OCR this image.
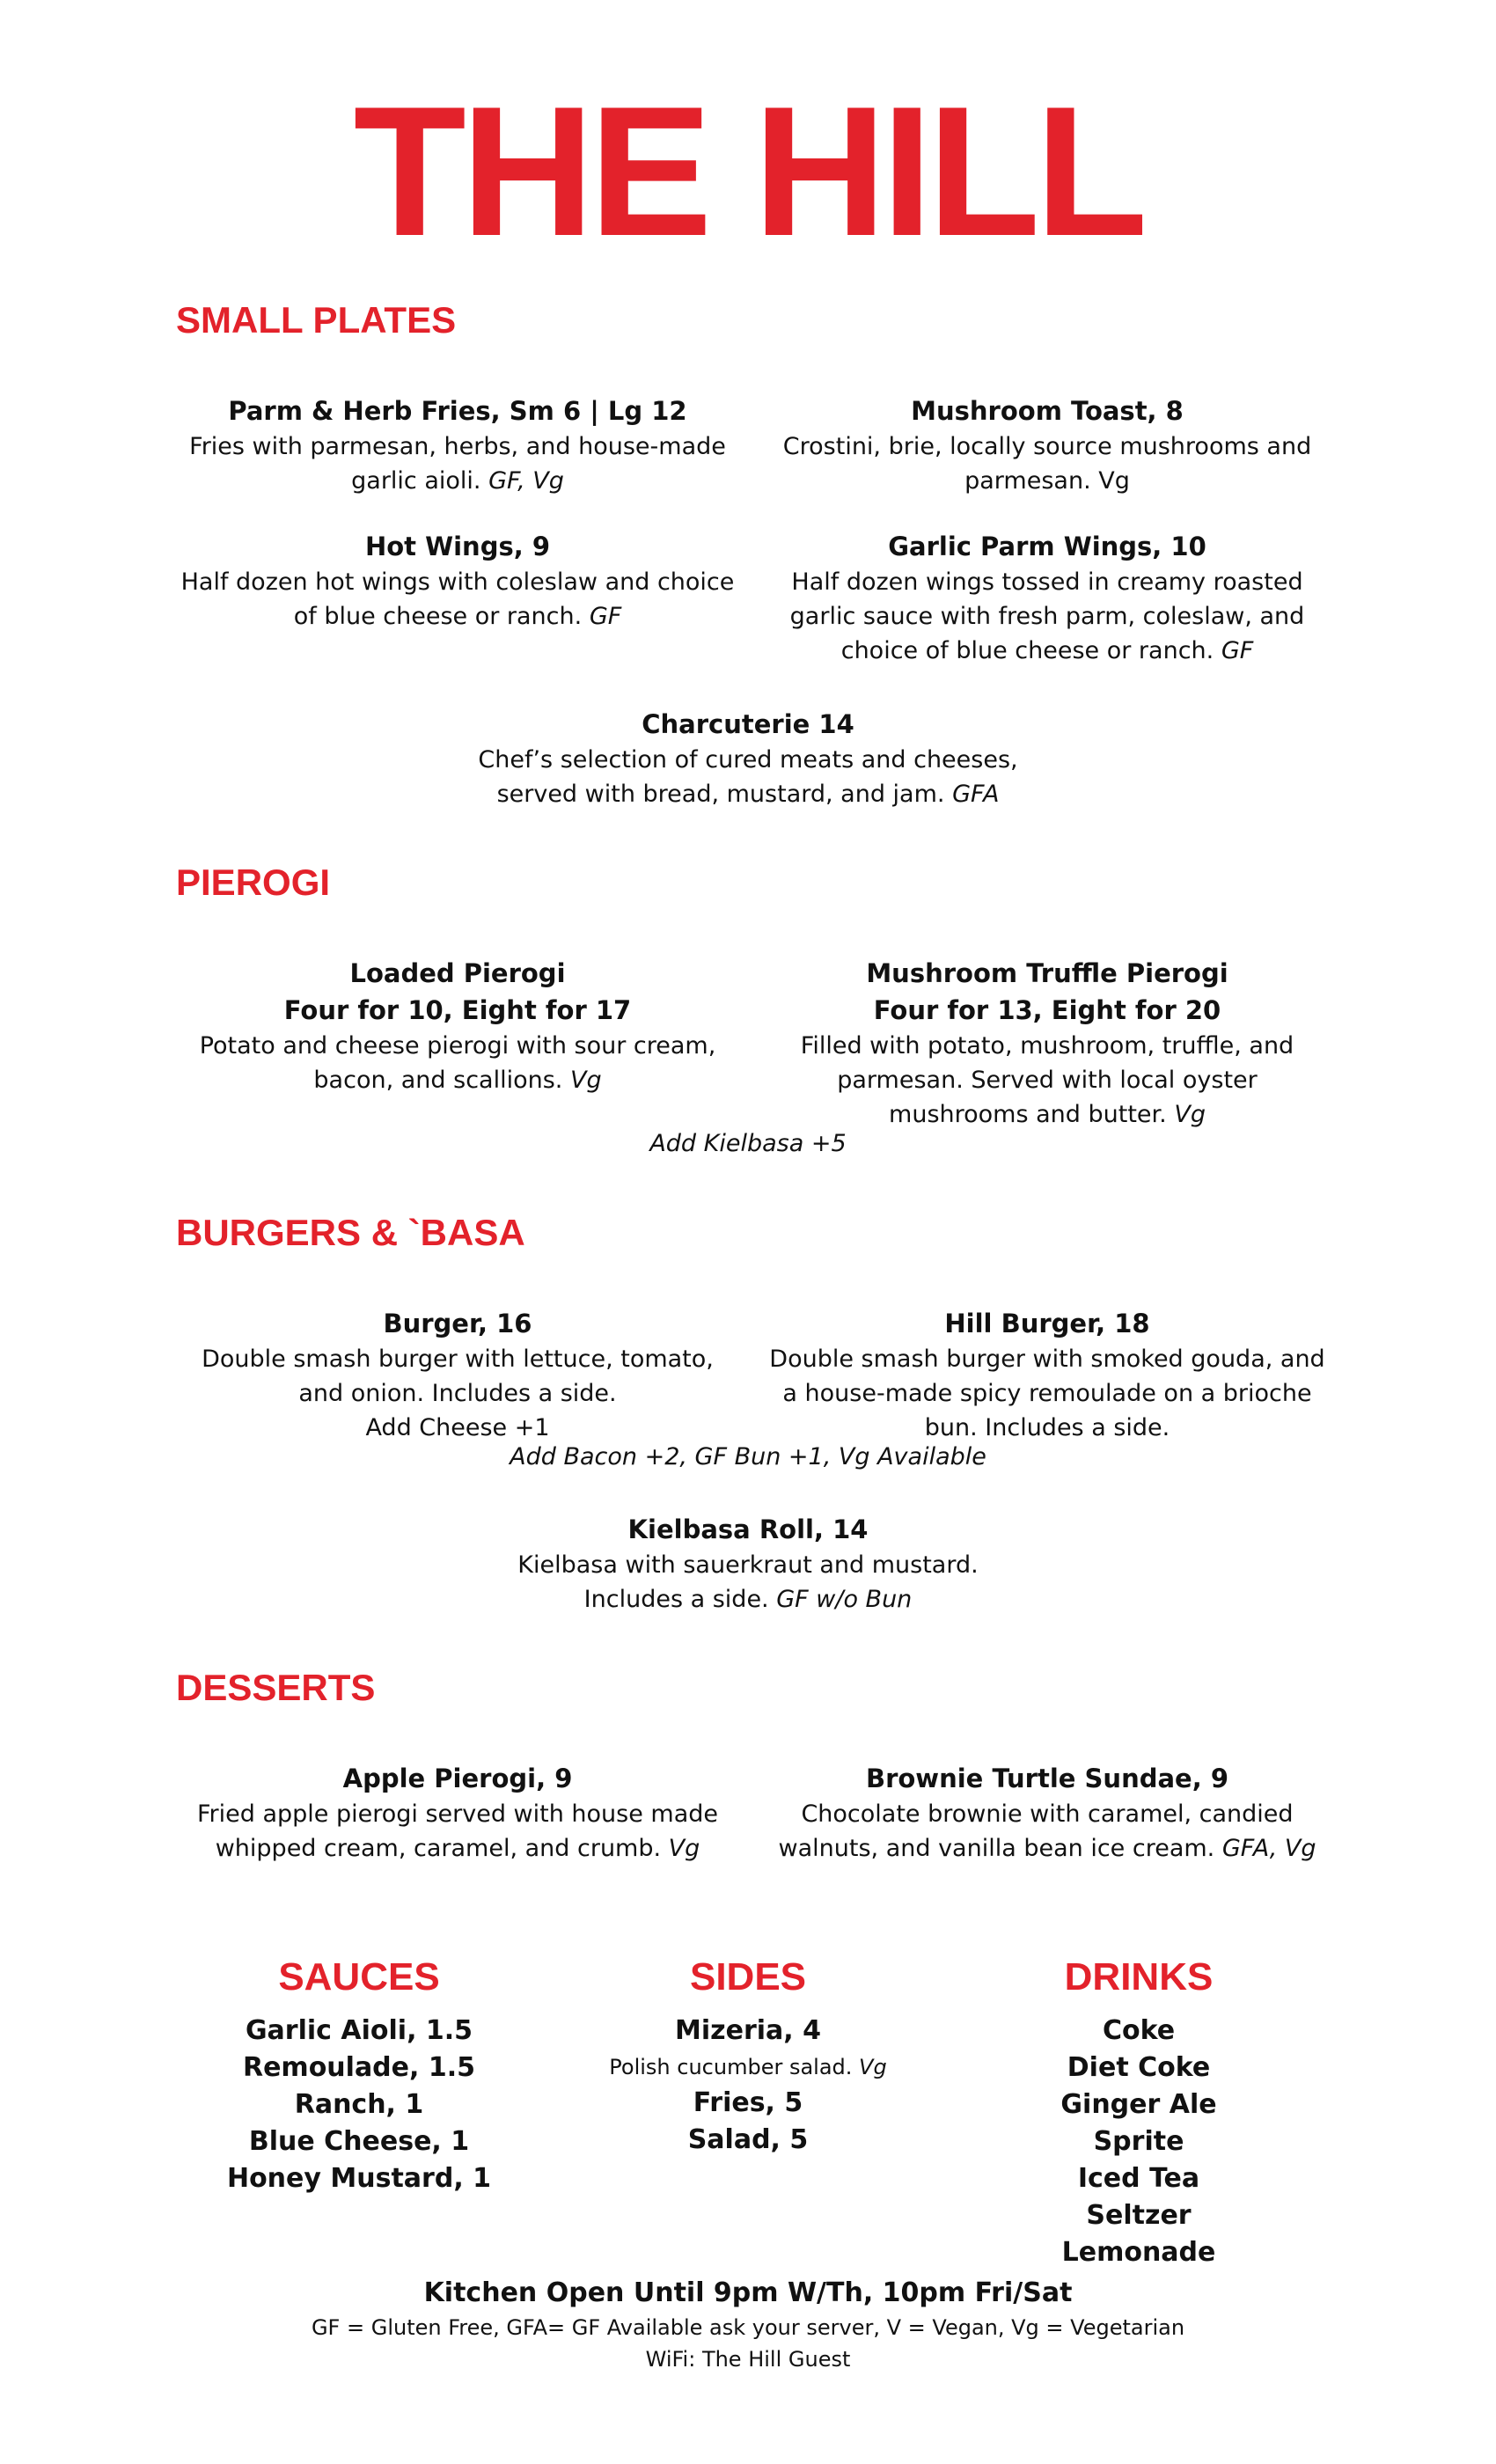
THE HILL
SMALL PLATES
Parm & Herb Fries, Sm 6 | Lg 12
Fries with parmesan, herbs, and house-made garlic aioli. GF, Vg
Mushroom Toast, 8
Crostini, brie, locally source mushrooms and parmesan. Vg
Hot Wings, 9
Half dozen hot wings with coleslaw and choice of blue cheese or ranch. GF
Garlic Parm Wings, 10
Half dozen wings tossed in creamy roasted garlic sauce with fresh parm, coleslaw, and choice of blue cheese or ranch. GF
Charcuterie 14
Chef’s selection of cured meats and cheeses, served with bread, mustard, and jam. GFA
PIEROGI
Loaded Pierogi
Four for 10, Eight for 17
Potato and cheese pierogi with sour cream, bacon, and scallions. Vg
Mushroom Truffle Pierogi
Four for 13, Eight for 20
Filled with potato, mushroom, truffle, and parmesan. Served with local oyster mushrooms and butter. Vg
Add Kielbasa +5
BURGERS & `BASA
Burger, 16
Double smash burger with lettuce, tomato, and onion. Includes a side.
Add Cheese +1
Hill Burger, 18
Double smash burger with smoked gouda, and a house-made spicy remoulade on a brioche bun. Includes a side.
Add Bacon +2, GF Bun +1, Vg Available
Kielbasa Roll, 14
Kielbasa with sauerkraut and mustard. Includes a side. GF w/o Bun
DESSERTS
Apple Pierogi, 9
Fried apple pierogi served with house made whipped cream, caramel, and crumb. Vg
Brownie Turtle Sundae, 9
Chocolate brownie with caramel, candied walnuts, and vanilla bean ice cream. GFA, Vg
SAUCES
Garlic Aioli, 1.5
Remoulade, 1.5
Ranch, 1
Blue Cheese, 1
Honey Mustard, 1
SIDES
Mizeria, 4
Polish cucumber salad. Vg
Fries, 5
Salad, 5
DRINKS
Coke
Diet Coke
Ginger Ale
Sprite
Iced Tea
Seltzer
Lemonade
Kitchen Open Until 9pm W/Th, 10pm Fri/Sat
GF = Gluten Free, GFA= GF Available ask your server, V = Vegan, Vg = Vegetarian
WiFi: The Hill Guest
